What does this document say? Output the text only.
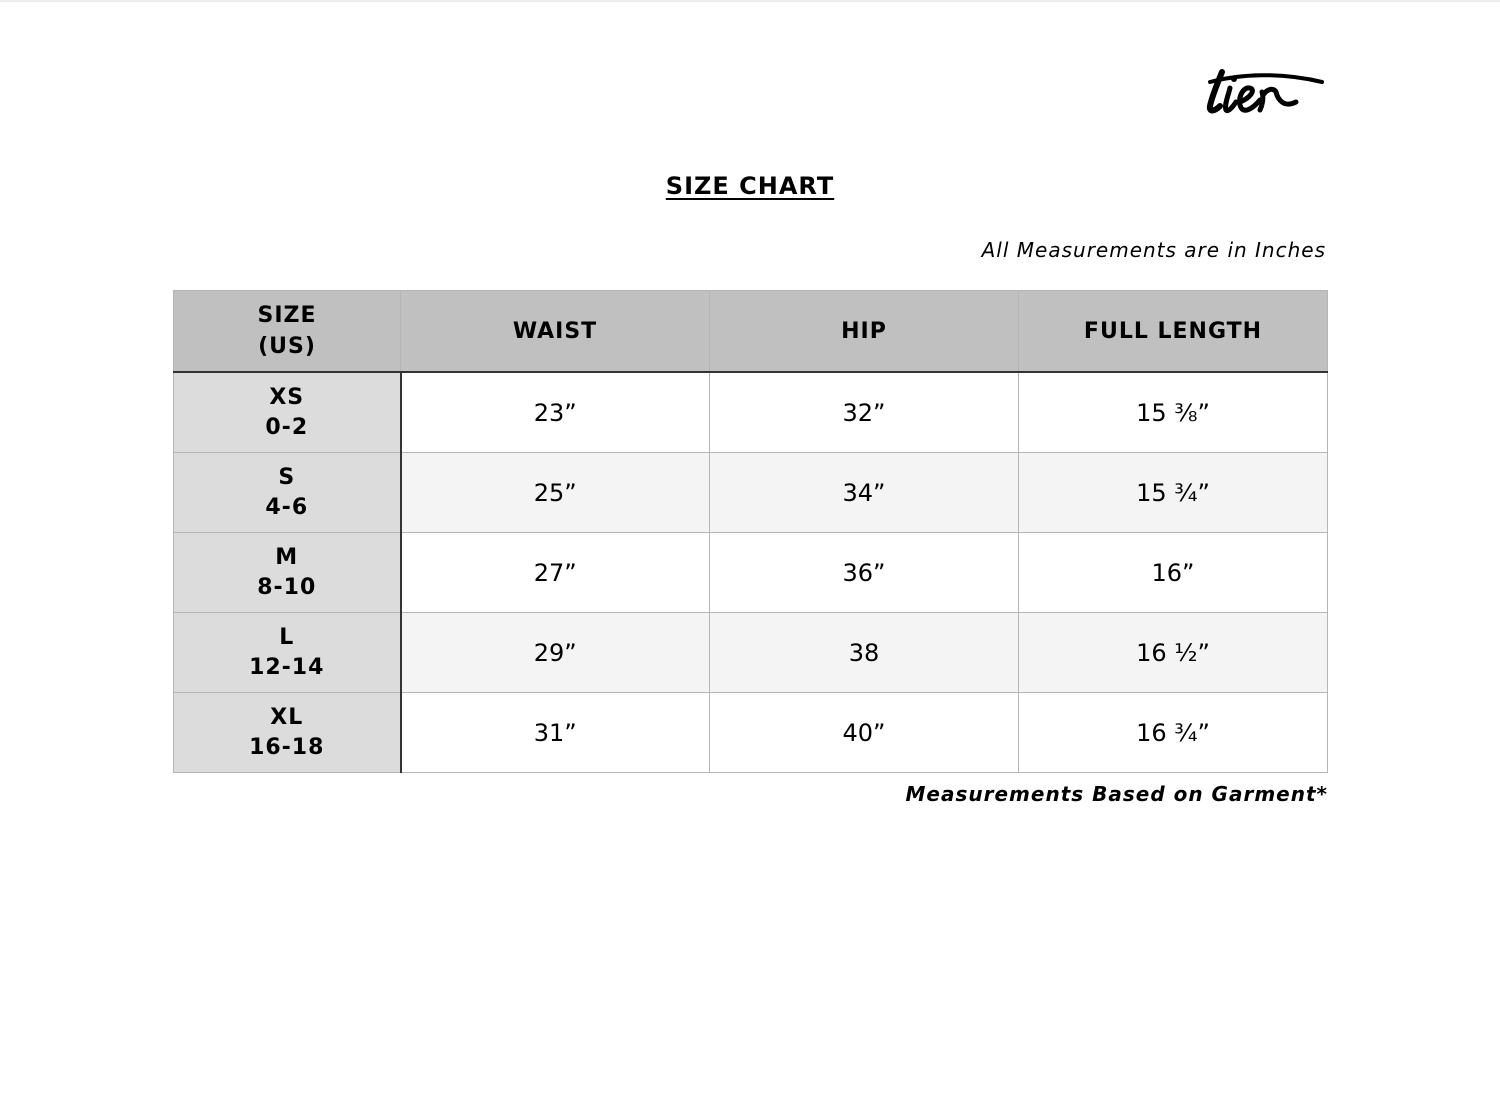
tier
SIZE CHART
All Measurements are in Inches
SIZE
(US)	WAIST	HIP	FULL LENGTH

XS
0-2	23”	32”	15 ⅜”

S
4-6	25”	34”	15 ¾”

M
8-10	27”	36”	16”

L
12-14	29”	38	16 ½”

XL
16-18	31”	40”	16 ¾”
Measurements Based on Garment*
